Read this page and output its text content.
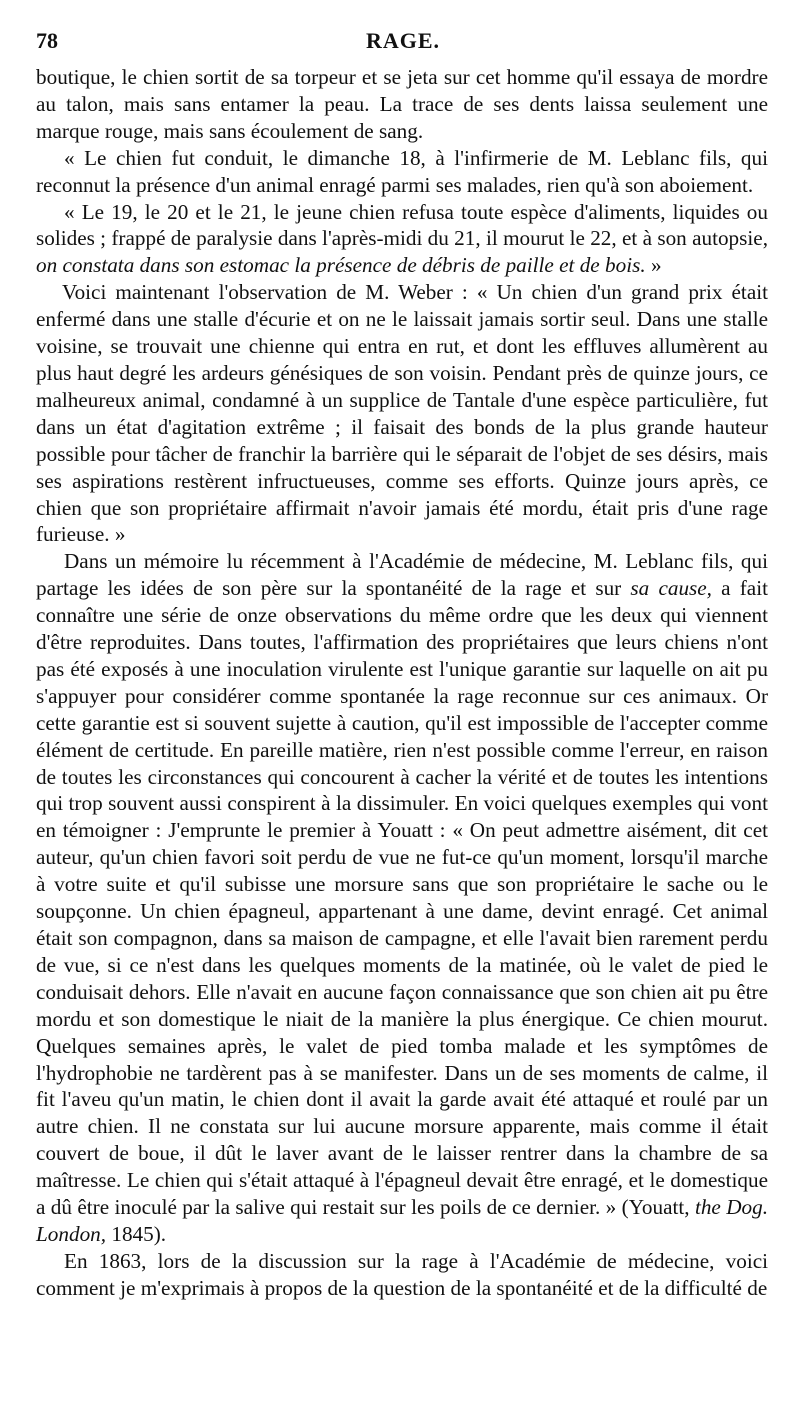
78	RAGE.

boutique, le chien sortit de sa torpeur et se jeta sur cet homme qu'il essaya de mordre au talon, mais sans entamer la peau. La trace de ses dents laissa seulement une marque rouge, mais sans écoulement de sang.

« Le chien fut conduit, le dimanche 18, à l'infirmerie de M. Leblanc fils, qui reconnut la présence d'un animal enragé parmi ses malades, rien qu'à son aboiement.

« Le 19, le 20 et le 21, le jeune chien refusa toute espèce d'aliments, liquides ou solides ; frappé de paralysie dans l'après-midi du 21, il mourut le 22, et à son autopsie, on constata dans son estomac la présence de débris de paille et de bois. »

Voici maintenant l'observation de M. Weber : « Un chien d'un grand prix était enfermé dans une stalle d'écurie et on ne le laissait jamais sortir seul. Dans une stalle voisine, se trouvait une chienne qui entra en rut, et dont les effluves allumèrent au plus haut degré les ardeurs génésiques de son voisin. Pendant près de quinze jours, ce malheureux animal, condamné à un supplice de Tantale d'une espèce particulière, fut dans un état d'agitation extrême ; il faisait des bonds de la plus grande hauteur possible pour tâcher de franchir la barrière qui le séparait de l'objet de ses désirs, mais ses aspirations restèrent infructueuses, comme ses efforts. Quinze jours après, ce chien que son propriétaire affirmait n'avoir jamais été mordu, était pris d'une rage furieuse. »

Dans un mémoire lu récemment à l'Académie de médecine, M. Leblanc fils, qui partage les idées de son père sur la spontanéité de la rage et sur sa cause, a fait connaître une série de onze observations du même ordre que les deux qui viennent d'être reproduites. Dans toutes, l'affirmation des propriétaires que leurs chiens n'ont pas été exposés à une inoculation virulente est l'unique garantie sur laquelle on ait pu s'appuyer pour considérer comme spontanée la rage reconnue sur ces animaux. Or cette garantie est si souvent sujette à caution, qu'il est impossible de l'accepter comme élément de certitude. En pareille matière, rien n'est possible comme l'erreur, en raison de toutes les circonstances qui concourent à cacher la vérité et de toutes les intentions qui trop souvent aussi conspirent à la dissimuler. En voici quelques exemples qui vont en témoigner : J'emprunte le premier à Youatt : « On peut admettre aisément, dit cet auteur, qu'un chien favori soit perdu de vue ne fut-ce qu'un moment, lorsqu'il marche à votre suite et qu'il subisse une morsure sans que son propriétaire le sache ou le soupçonne. Un chien épagneul, appartenant à une dame, devint enragé. Cet animal était son compagnon, dans sa maison de campagne, et elle l'avait bien rarement perdu de vue, si ce n'est dans les quelques moments de la matinée, où le valet de pied le conduisait dehors. Elle n'avait en aucune façon connaissance que son chien ait pu être mordu et son domestique le niait de la manière la plus énergique. Ce chien mourut. Quelques semaines après, le valet de pied tomba malade et les symptômes de l'hydrophobie ne tardèrent pas à se manifester. Dans un de ses moments de calme, il fit l'aveu qu'un matin, le chien dont il avait la garde avait été attaqué et roulé par un autre chien. Il ne constata sur lui aucune morsure apparente, mais comme il était couvert de boue, il dût le laver avant de le laisser rentrer dans la chambre de sa maîtresse. Le chien qui s'était attaqué à l'épagneul devait être enragé, et le domestique a dû être inoculé par la salive qui restait sur les poils de ce dernier. » (Youatt, the Dog. London, 1845).

En 1863, lors de la discussion sur la rage à l'Académie de médecine, voici comment je m'exprimais à propos de la question de la spontanéité et de la difficulté de
